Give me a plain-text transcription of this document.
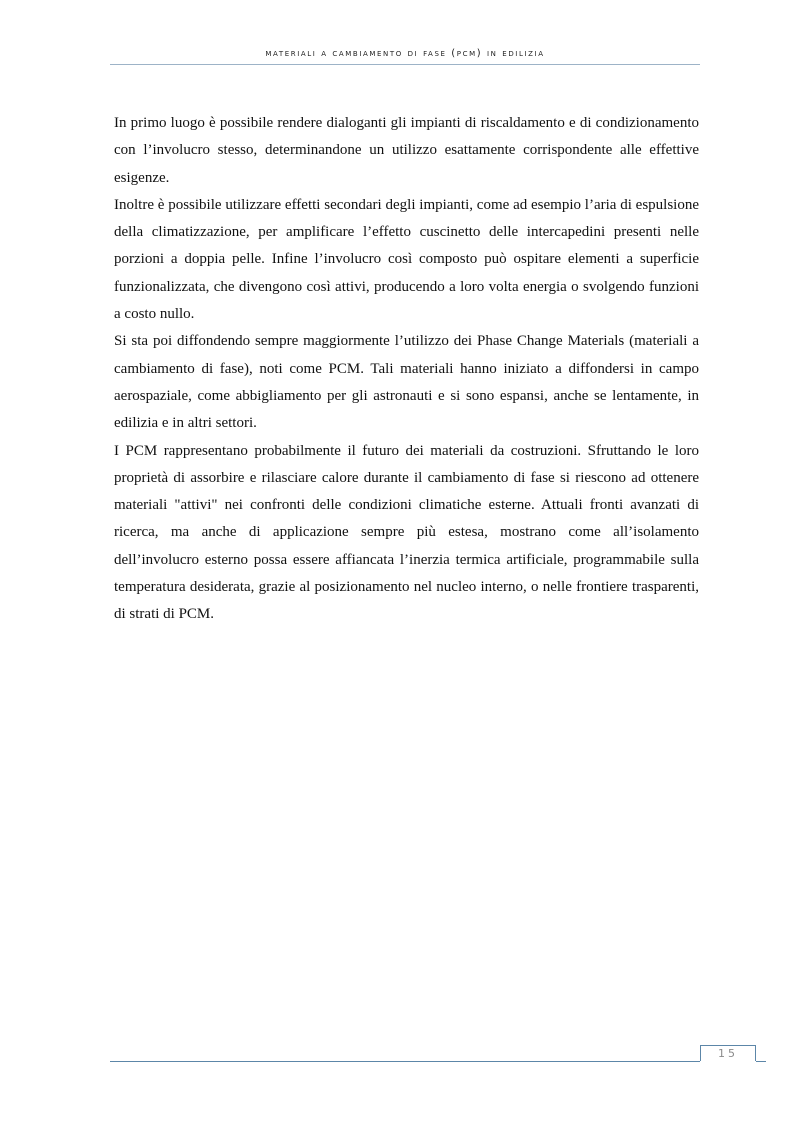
materiali a cambiamento di fase (pcm) in edilizia

In primo luogo è possibile rendere dialoganti gli impianti di riscaldamento e di condizionamento con l’involucro stesso, determinandone un utilizzo esattamente corrispondente alle effettive esigenze.

Inoltre è possibile utilizzare effetti secondari degli impianti, come ad esempio l’aria di espulsione della climatizzazione, per amplificare l’effetto cuscinetto delle intercapedini presenti nelle porzioni a doppia pelle. Infine l’involucro così composto può ospitare elementi a superficie funzionalizzata, che divengono così attivi, producendo a loro volta energia o svolgendo funzioni a costo nullo.

Si sta poi diffondendo sempre maggiormente l’utilizzo dei Phase Change Materials (materiali a cambiamento di fase), noti come PCM. Tali materiali hanno iniziato a diffondersi in campo aerospaziale, come abbigliamento per gli astronauti e si sono espansi, anche se lentamente, in edilizia e in altri settori.

I PCM rappresentano probabilmente il futuro dei materiali da costruzioni. Sfruttando le loro proprietà di assorbire e rilasciare calore durante il cambiamento di fase si riescono ad ottenere materiali "attivi" nei confronti delle condizioni climatiche esterne. Attuali fronti avanzati di ricerca, ma anche di applicazione sempre più estesa, mostrano come all’isolamento dell’involucro esterno possa essere affiancata l’inerzia termica artificiale, programmabile sulla temperatura desiderata, grazie al posizionamento nel nucleo interno, o nelle frontiere trasparenti, di strati di PCM.

15
